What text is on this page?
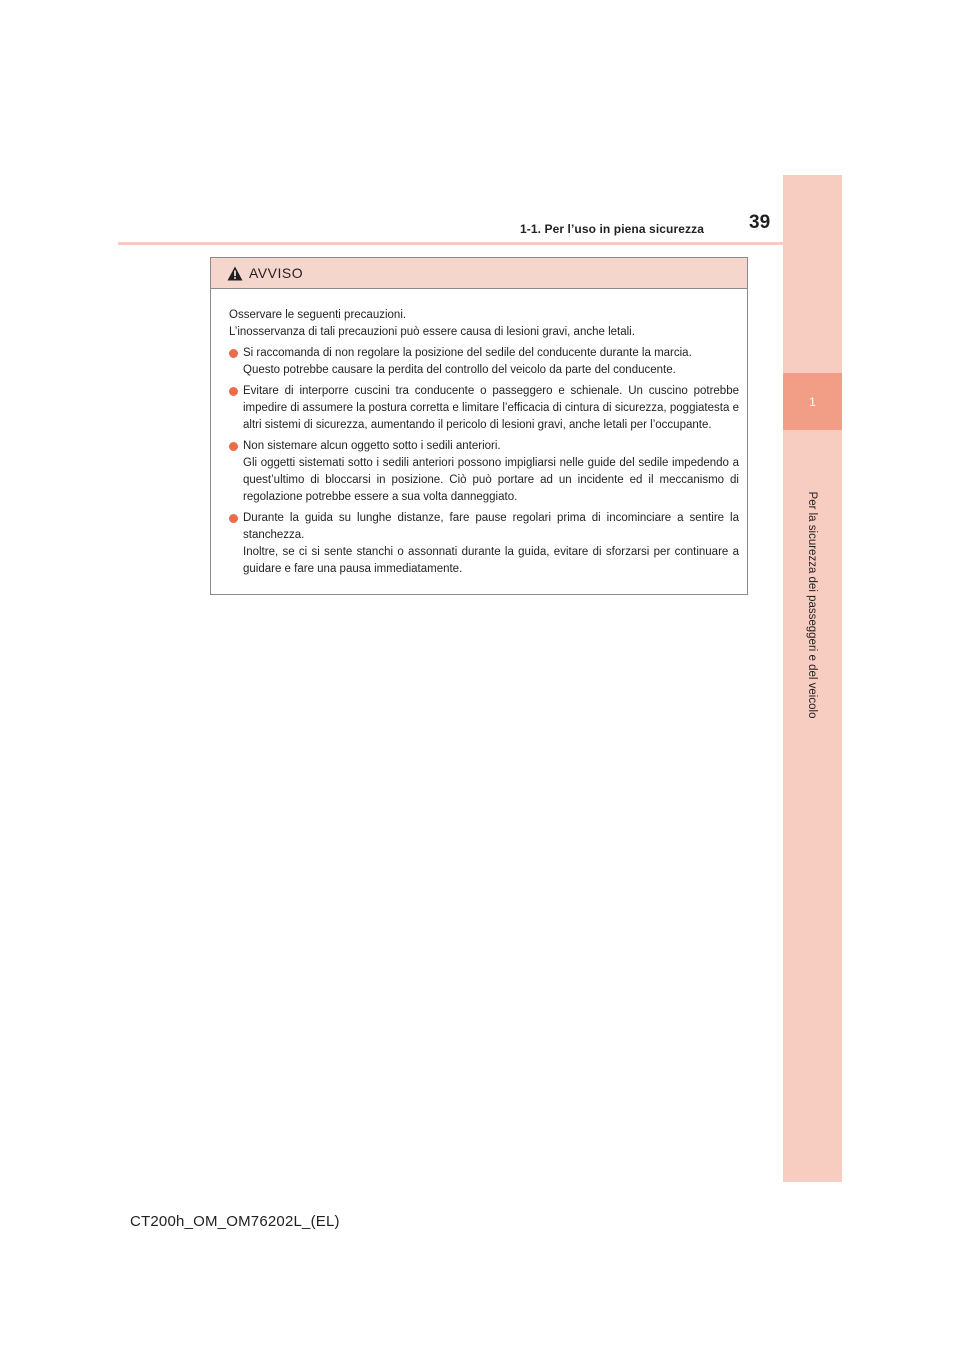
1
Per la sicurezza dei passeggeri e del veicolo
1-1. Per l’uso in piena sicurezza 39
AVVISO

Osservare le seguenti precauzioni.

L’inosservanza di tali precauzioni può essere causa di lesioni gravi, anche letali.

Si raccomanda di non regolare la posizione del sedile del conducente durante la marcia.
Questo potrebbe causare la perdita del controllo del veicolo da parte del conducente.
Evitare di interporre cuscini tra conducente o passeggero e schienale. Un cuscino potrebbe impedire di assumere la postura corretta e limitare l’efficacia di cintura di sicurezza, poggiatesta e altri sistemi di sicurezza, aumentando il pericolo di lesioni gravi, anche letali per l’occupante.
Non sistemare alcun oggetto sotto i sedili anteriori.
Gli oggetti sistemati sotto i sedili anteriori possono impigliarsi nelle guide del sedile impedendo a quest’ultimo di bloccarsi in posizione. Ciò può portare ad un incidente ed il meccanismo di regolazione potrebbe essere a sua volta danneggiato.
Durante la guida su lunghe distanze, fare pause regolari prima di incominciare a sentire la stanchezza.
Inoltre, se ci si sente stanchi o assonnati durante la guida, evitare di sforzarsi per continuare a guidare e fare una pausa immediatamente.
CT200h_OM_OM76202L_(EL)
